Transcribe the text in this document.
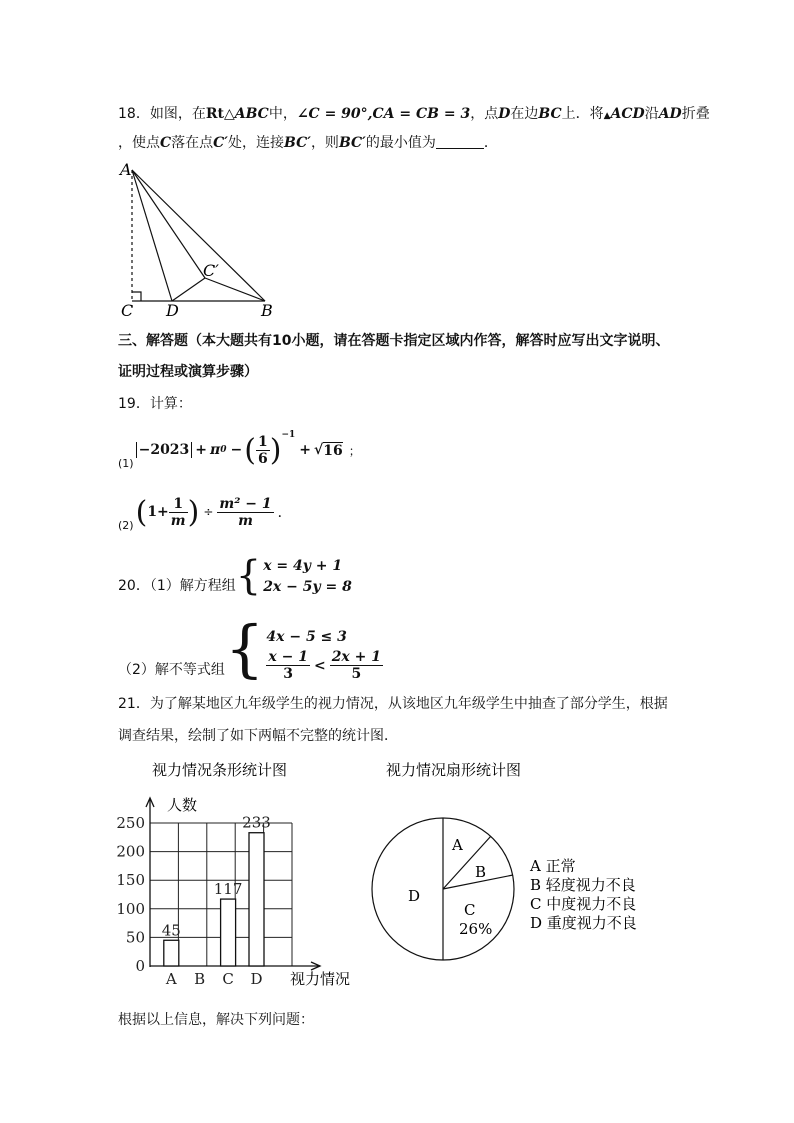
18．如图，在Rt△ABC中，∠C = 90°,CA = CB = 3，点D在边BC上．将▲ACD沿AD折叠
，使点C落在点C′处，连接BC′，则BC′的最小值为	．
A
B
C D
C′
三、解答题（本大题共有10小题，请在答题卡指定区域内作答，解答时应写出文字说明、
证明过程或演算步骤）
19．计算：
(1)
−2023 + π 0 − ( $\frac{1}{6} )^{-1}$
+ √ 16 ；
(2) ( $1+ \frac{1}{m}$ ) ÷ $\frac{\text{m² − 1}}{m}$ ．
20．（1）解方程组 { x = 4y + 1
2x − 5y = 8
（2）解不等式组 { 4x − 5 ≤ 3
$\frac{x - 1}{3} < \frac{2x + 1}{5}$
21．为了解某地区九年级学生的视力情况，从该地区九年级学生中抽查了部分学生，根据
调查结果，绘制了如下两幅不完整的统计图．
视力情况条形统计图
0
50
100
150
200
250
45
A B
117
C
233
D
人数
视力情况
视力情况扇形统计图
A
B
C
26%
D
A 正常
B 轻度视力不良
C 中度视力不良
D 重度视力不良
根据以上信息，解决下列问题：
